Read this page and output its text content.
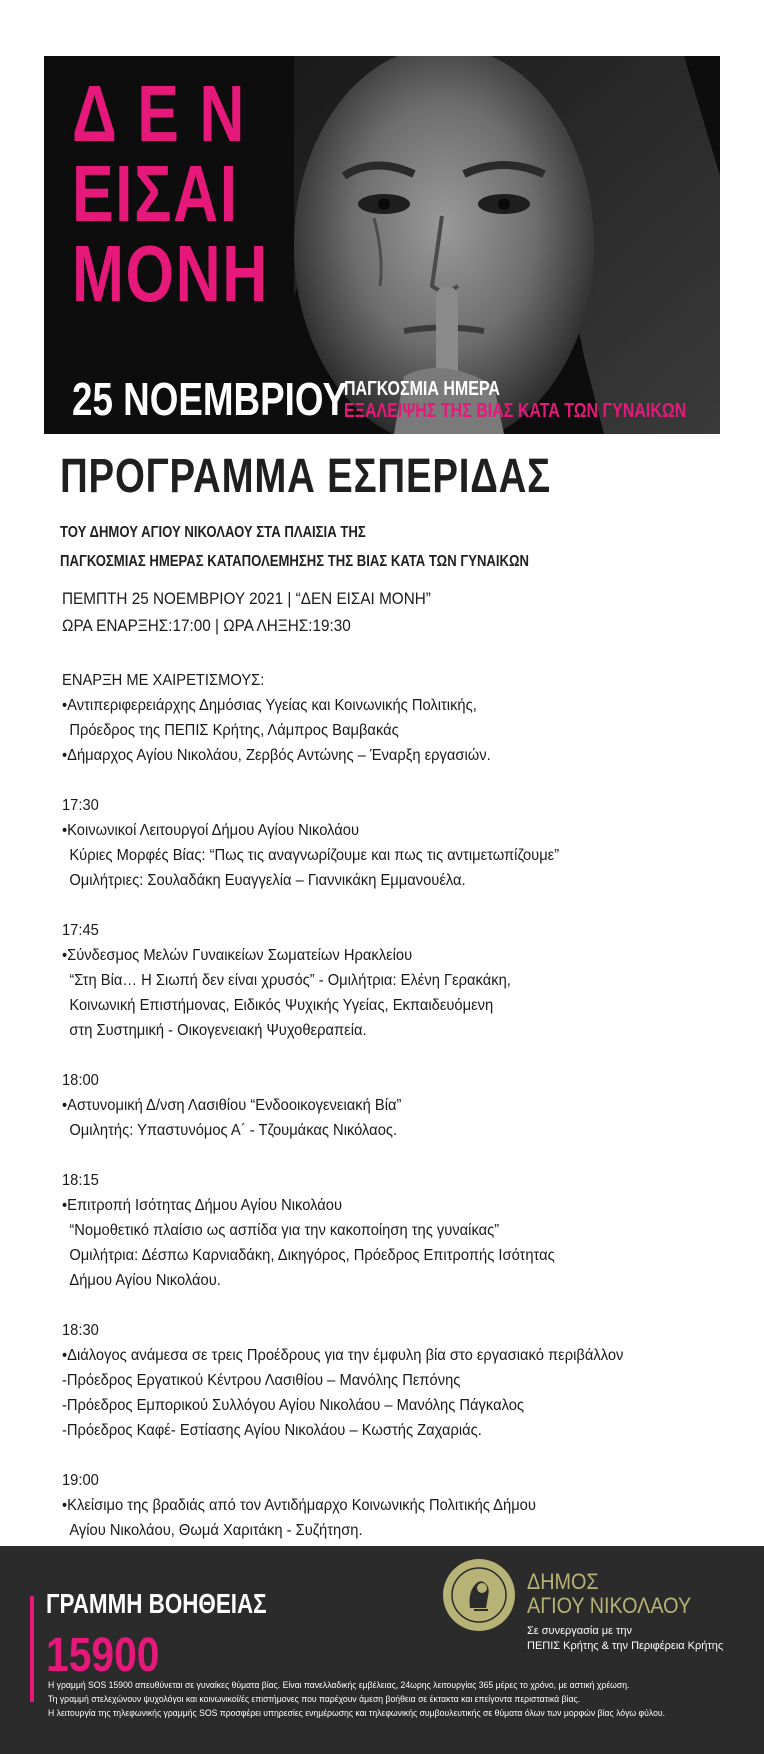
Δ Ε Ν
ΕΙΣΑΙ
ΜΟΝΗ
25 ΝΟΕΜΒΡΙΟΥ
ΠΑΓΚΟΣΜΙΑ ΗΜΕΡΑ
ΕΞΑΛΕΙΨΗΣ ΤΗΣ ΒΙΑΣ ΚΑΤΑ ΤΩΝ ΓΥΝΑΙΚΩΝ
ΠΡΟΓΡΑΜΜΑ ΕΣΠΕΡΙΔΑΣ
ΤΟΥ ΔΗΜΟΥ ΑΓΙΟΥ ΝΙΚΟΛΑΟΥ ΣΤΑ ΠΛΑΙΣΙΑ ΤΗΣ
ΠΑΓΚΟΣΜΙΑΣ ΗΜΕΡΑΣ ΚΑΤΑΠΟΛΕΜΗΣΗΣ ΤΗΣ ΒΙΑΣ ΚΑΤΑ ΤΩΝ ΓΥΝΑΙΚΩΝ
ΠΕΜΠΤΗ 25 ΝΟΕΜΒΡΙΟΥ 2021 | “ΔΕΝ ΕΙΣΑΙ ΜΟΝΗ”
ΩΡΑ ΕΝΑΡΞΗΣ:17:00 | ΩΡΑ ΛΗΞΗΣ:19:30
ΕΝΑΡΞΗ ΜΕ ΧΑΙΡΕΤΙΣΜΟΥΣ:
•Αντιπεριφερειάρχης Δημόσιας Υγείας και Κοινωνικής Πολιτικής,
Πρόεδρος της ΠΕΠΙΣ Κρήτης, Λάμπρος Βαμβακάς
•Δήμαρχος Αγίου Νικολάου, Ζερβός Αντώνης – Έναρξη εργασιών.
17:30
•Κοινωνικοί Λειτουργοί Δήμου Αγίου Νικολάου
Κύριες Μορφές Βίας: “Πως τις αναγνωρίζουμε και πως τις αντιμετωπίζουμε”
Ομιλήτριες: Σουλαδάκη Ευαγγελία – Γιαννικάκη Εμμανουέλα.
17:45
•Σύνδεσμος Μελών Γυναικείων Σωματείων Ηρακλείου
“Στη Βία… Η Σιωπή δεν είναι χρυσός” - Ομιλήτρια: Ελένη Γερακάκη,
Κοινωνική Επιστήμονας, Ειδικός Ψυχικής Υγείας, Εκπαιδευόμενη
στη Συστημική - Οικογενειακή Ψυχοθεραπεία.
18:00
•Αστυνομική Δ/νση Λασιθίου “Ενδοοικογενειακή Βία”
Ομιλητής: Υπαστυνόμος Α΄ - Τζουμάκας Νικόλαος.
18:15
•Επιτροπή Ισότητας Δήμου Αγίου Νικολάου
“Νομοθετικό πλαίσιο ως ασπίδα για την κακοποίηση της γυναίκας”
Ομιλήτρια: Δέσπω Καρνιαδάκη, Δικηγόρος, Πρόεδρος Επιτροπής Ισότητας
Δήμου Αγίου Νικολάου.
18:30
•Διάλογος ανάμεσα σε τρεις Προέδρους για την έμφυλη βία στο εργασιακό περιβάλλον
-Πρόεδρος Εργατικού Κέντρου Λασιθίου – Μανόλης Πεπόνης
-Πρόεδρος Εμπορικού Συλλόγου Αγίου Νικολάου – Μανόλης Πάγκαλος
-Πρόεδρος Καφέ- Εστίασης Αγίου Νικολάου – Κωστής Ζαχαριάς.
19:00
•Κλείσιμο της βραδιάς από τον Αντιδήμαρχο Κοινωνικής Πολιτικής Δήμου
Αγίου Νικολάου, Θωμά Χαριτάκη - Συζήτηση.
ΓΡΑΜΜΗ ΒΟΗΘΕΙΑΣ
15900
ΔΗΜΟΣ
ΑΓΙΟΥ ΝΙΚΟΛΑΟΥ
Σε συνεργασία με την
ΠΕΠΙΣ Κρήτης & την Περιφέρεια Κρήτης
Η γραμμή SOS 15900 απευθύνεται σε γυναίκες θύματα βίας. Είναι πανελλαδικής εμβέλειας, 24ωρης λειτουργίας 365 μέρες το χρόνο, με αστική χρέωση.
Τη γραμμή στελεχώνουν ψυχολόγοι και κοινωνικοί/ές επιστήμονες που παρέχουν άμεση βοήθεια σε έκτακτα και επείγοντα περιστατικά βίας.
Η λειτουργία της τηλεφωνικής γραμμής SOS προσφέρει υπηρεσίες ενημέρωσης και τηλεφωνικής συμβουλευτικής σε θύματα όλων των μορφών βίας λόγω φύλου.
